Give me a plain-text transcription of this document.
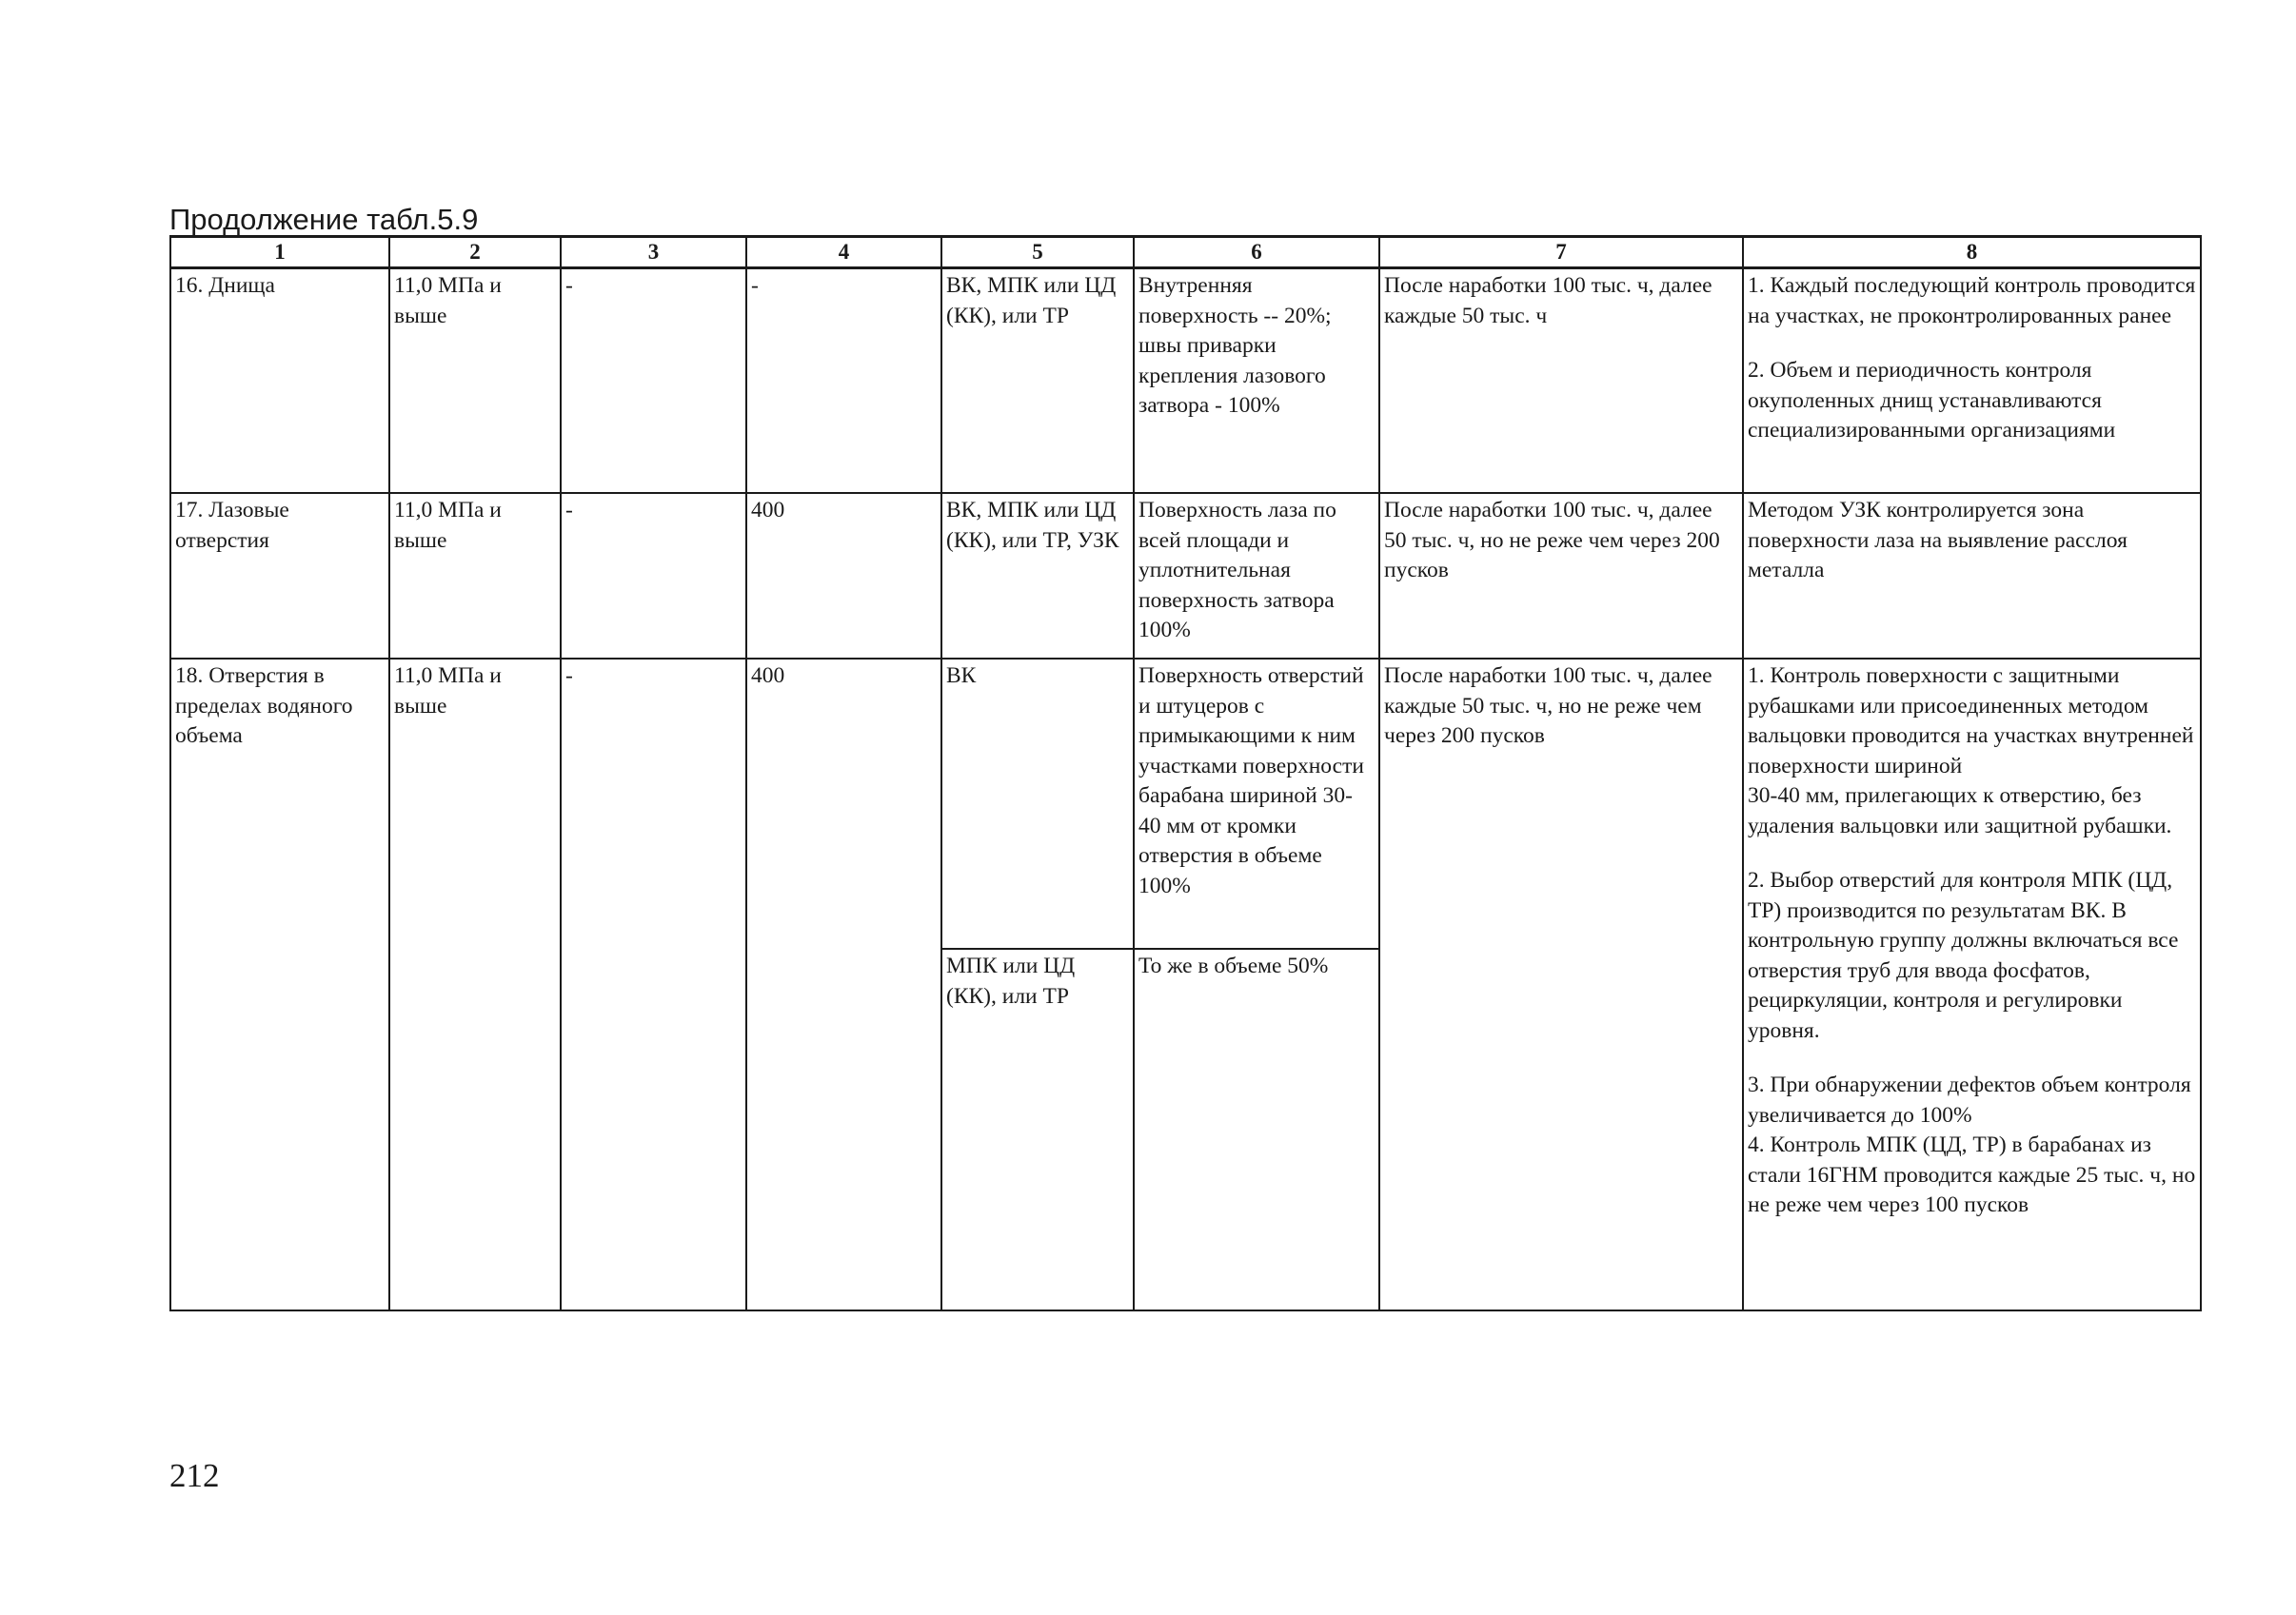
Продолжение табл.5.9
1	2	3	4	5	6	7	8
16. Днища	11,0 МПа и выше	-	-	ВК, МПК или ЦД (КК), или ТР	Внутренняя поверхность -- 20%; швы приварки крепления лазового затвора - 100%	После наработки 100 тыс. ч, далее каждые 50 тыс. ч	1. Каждый последующий контроль проводится на участках, не проконтролированных ранее
2. Объем и периодичность контроля окуполенных днищ устанавливаются специализированными организациями

17. Лазовые отверстия	11,0 МПа и выше	-	400	ВК, МПК или ЦД (КК), или ТР, УЗК	Поверхность лаза по всей площади и уплотнительная поверхность затвора 100%	После наработки 100 тыс. ч, далее 50 тыс. ч, но не реже чем через 200 пусков	Методом УЗК контролируется зона поверхности лаза на выявление расслоя металла
18. Отверстия в пределах водяного объема	11,0 МПа и выше	-	400	ВК	Поверхность отверстий и штуцеров с примыкающими к ним участками поверхности барабана шириной 30-40 мм от кромки отверстия в объеме 100%	После наработки 100 тыс. ч, далее каждые 50 тыс. ч, но не реже чем через 200 пусков	1. Контроль поверхности с защитными рубашками или присоединенных методом вальцовки проводится на участках внутренней поверхности шириной
30-40 мм, прилегающих к отверстию, без удаления вальцовки или защитной рубашки.
2. Выбор отверстий для контроля МПК (ЦД, ТР) производится по результатам ВК. В контрольную группу должны включаться все отверстия труб для ввода фосфатов, рециркуляции, контроля и регулировки уровня.
3. При обнаружении дефектов объем контроля увеличивается до 100%
4. Контроль МПК (ЦД, ТР) в барабанах из стали 16ГНМ проводится каждые 25 тыс. ч, но не реже чем через 100 пусков

				МПК или ЦД (КК), или ТР	То же в объеме 50%		
212
